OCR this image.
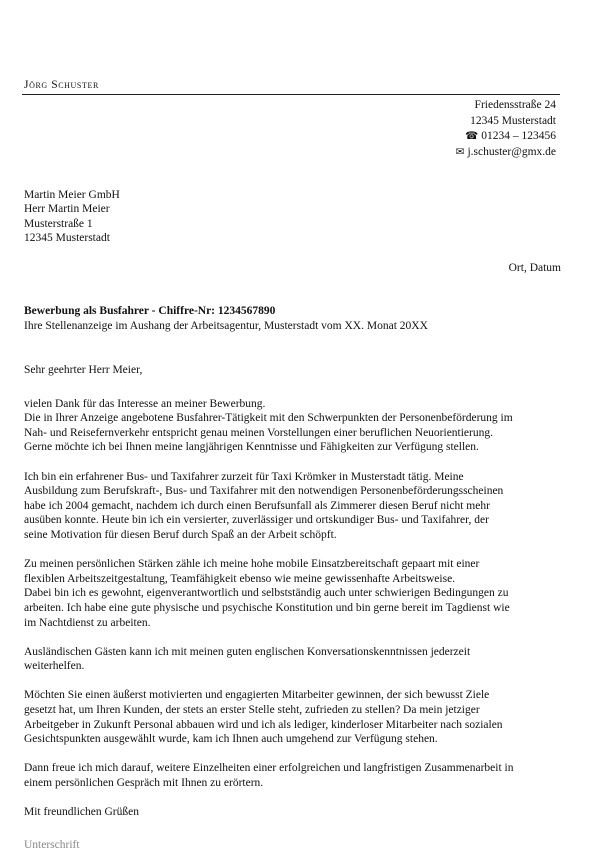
Jörg Schuster
Friedensstraße 24
12345 Musterstadt
☎ 01234 – 123456
✉ j.schuster@gmx.de
Martin Meier GmbH
Herr Martin Meier
Musterstraße 1
12345 Musterstadt
Ort, Datum
Bewerbung als Busfahrer - Chiffre-Nr: 1234567890
Ihre Stellenanzeige im Aushang der Arbeitsagentur, Musterstadt vom XX. Monat 20XX

Sehr geehrter Herr Meier,

vielen Dank für das Interesse an meiner Bewerbung.
Die in Ihrer Anzeige angebotene Busfahrer-Tätigkeit mit den Schwerpunkten der Personenbeförderung im
Nah- und Reisefernverkehr entspricht genau meinen Vorstellungen einer beruflichen Neuorientierung.
Gerne möchte ich bei Ihnen meine langjährigen Kenntnisse und Fähigkeiten zur Verfügung stellen.

Ich bin ein erfahrener Bus- und Taxifahrer zurzeit für Taxi Krömker in Musterstadt tätig. Meine
Ausbildung zum Berufskraft-, Bus- und Taxifahrer mit den notwendigen Personenbeförderungsscheinen
habe ich 2004 gemacht, nachdem ich durch einen Berufsunfall als Zimmerer diesen Beruf nicht mehr
ausüben konnte. Heute bin ich ein versierter, zuverlässiger und ortskundiger Bus- und Taxifahrer, der
seine Motivation für diesen Beruf durch Spaß an der Arbeit schöpft.

Zu meinen persönlichen Stärken zähle ich meine hohe mobile Einsatzbereitschaft gepaart mit einer
flexiblen Arbeitszeitgestaltung, Teamfähigkeit ebenso wie meine gewissenhafte Arbeitsweise.
Dabei bin ich es gewohnt, eigenverantwortlich und selbstständig auch unter schwierigen Bedingungen zu
arbeiten. Ich habe eine gute physische und psychische Konstitution und bin gerne bereit im Tagdienst wie
im Nachtdienst zu arbeiten.

Ausländischen Gästen kann ich mit meinen guten englischen Konversationskenntnissen jederzeit
weiterhelfen.

Möchten Sie einen äußerst motivierten und engagierten Mitarbeiter gewinnen, der sich bewusst Ziele
gesetzt hat, um Ihren Kunden, der stets an erster Stelle steht, zufrieden zu stellen? Da mein jetziger
Arbeitgeber in Zukunft Personal abbauen wird und ich als lediger, kinderloser Mitarbeiter nach sozialen
Gesichtspunkten ausgewählt wurde, kam ich Ihnen auch umgehend zur Verfügung stehen.

Dann freue ich mich darauf, weitere Einzelheiten einer erfolgreichen und langfristigen Zusammenarbeit in
einem persönlichen Gespräch mit Ihnen zu erörtern.

Mit freundlichen Grüßen

Unterschrift
